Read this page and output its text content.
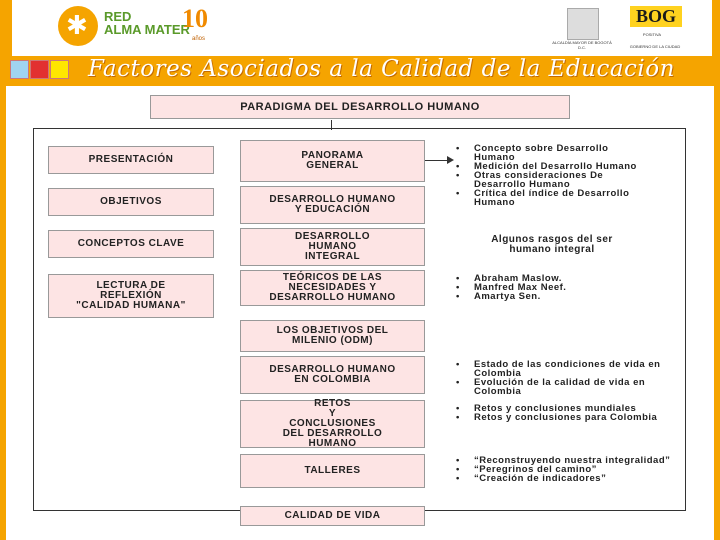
✱ RED
ALMA MATER
10
años
ALCALDÍA MAYOR DE BOGOTÁ D.C.
BOG
POSITIVA
GOBIERNO DE LA CIUDAD
Factores Asociados a la Calidad de la Educación
PARADIGMA DEL DESARROLLO HUMANO
PRESENTACIÓN
OBJETIVOS
CONCEPTOS CLAVE
LECTURA DE
REFLEXIÓN
"CALIDAD HUMANA"
PANORAMA
GENERAL
DESARROLLO HUMANO
Y EDUCACIÓN
DESARROLLO
HUMANO
INTEGRAL
TEÓRICOS DE LAS
NECESIDADES Y
DESARROLLO HUMANO
LOS OBJETIVOS DEL
MILENIO (ODM)
DESARROLLO HUMANO
EN COLOMBIA
RETOS
Y
CONCLUSIONES
DEL DESARROLLO
HUMANO
TALLERES
CALIDAD DE VIDA
• Concepto sobre Desarrollo Humano
• Medición del Desarrollo Humano
• Otras consideraciones De Desarrollo Humano
• Crítica del índice de Desarrollo Humano
Algunos rasgos del ser
humano integral
• Abraham Maslow.
• Manfred Max Neef.
• Amartya Sen.
• Estado de las condiciones de vida en Colombia
• Evolución de la calidad de vida en Colombia
• Retos y conclusiones mundiales
• Retos y conclusiones para Colombia
• “Reconstruyendo nuestra integralidad”
• “Peregrinos del camino”
• “Creación de indicadores”
